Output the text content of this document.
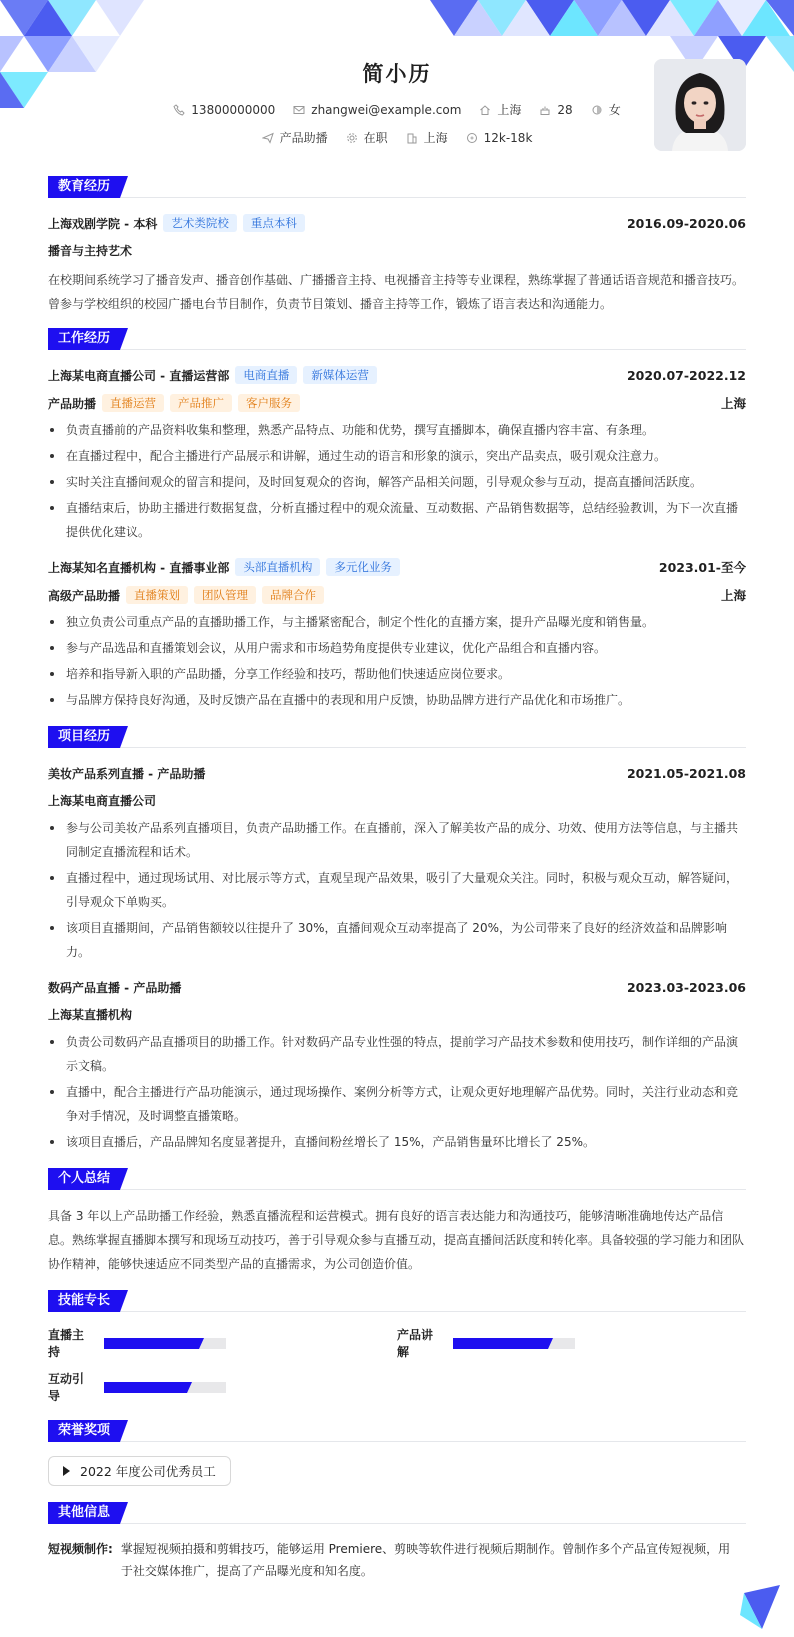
简小历
13800000000	zhangwei@example.com	上海	28	女
产品助播	在职	上海	12k-18k
教育经历
上海戏剧学院 - 本科	艺术类院校	重点本科	2016.09-2020.06
播音与主持艺术

在校期间系统学习了播音发声、播音创作基础、广播播音主持、电视播音主持等专业课程，熟练掌握了普通话语音规范和播音技巧。曾参与学校组织的校园广播电台节目制作，负责节目策划、播音主持等工作，锻炼了语言表达和沟通能力。

工作经历
上海某电商直播公司 - 直播运营部	电商直播	新媒体运营	2020.07-2022.12
产品助播	直播运营	产品推广	客户服务	上海
负责直播前的产品资料收集和整理，熟悉产品特点、功能和优势，撰写直播脚本，确保直播内容丰富、有条理。
在直播过程中，配合主播进行产品展示和讲解，通过生动的语言和形象的演示，突出产品卖点，吸引观众注意力。
实时关注直播间观众的留言和提问，及时回复观众的咨询，解答产品相关问题，引导观众参与互动，提高直播间活跃度。
直播结束后，协助主播进行数据复盘，分析直播过程中的观众流量、互动数据、产品销售数据等，总结经验教训，为下一次直播提供优化建议。
上海某知名直播机构 - 直播事业部	头部直播机构	多元化业务	2023.01-至今
高级产品助播	直播策划	团队管理	品牌合作	上海
独立负责公司重点产品的直播助播工作，与主播紧密配合，制定个性化的直播方案，提升产品曝光度和销售量。
参与产品选品和直播策划会议，从用户需求和市场趋势角度提供专业建议，优化产品组合和直播内容。
培养和指导新入职的产品助播，分享工作经验和技巧，帮助他们快速适应岗位要求。
与品牌方保持良好沟通，及时反馈产品在直播中的表现和用户反馈，协助品牌方进行产品优化和市场推广。
项目经历
美妆产品系列直播 - 产品助播	2021.05-2021.08
上海某电商直播公司
参与公司美妆产品系列直播项目，负责产品助播工作。在直播前，深入了解美妆产品的成分、功效、使用方法等信息，与主播共同制定直播流程和话术。
直播过程中，通过现场试用、对比展示等方式，直观呈现产品效果，吸引了大量观众关注。同时，积极与观众互动，解答疑问，引导观众下单购买。
该项目直播期间，产品销售额较以往提升了 30%，直播间观众互动率提高了 20%，为公司带来了良好的经济效益和品牌影响力。
数码产品直播 - 产品助播	2023.03-2023.06
上海某直播机构
负责公司数码产品直播项目的助播工作。针对数码产品专业性强的特点，提前学习产品技术参数和使用技巧，制作详细的产品演示文稿。
直播中，配合主播进行产品功能演示，通过现场操作、案例分析等方式，让观众更好地理解产品优势。同时，关注行业动态和竞争对手情况，及时调整直播策略。
该项目直播后，产品品牌知名度显著提升，直播间粉丝增长了 15%，产品销售量环比增长了 25%。
个人总结

具备 3 年以上产品助播工作经验，熟悉直播流程和运营模式。拥有良好的语言表达能力和沟通技巧，能够清晰准确地传达产品信息。熟练掌握直播脚本撰写和现场互动技巧，善于引导观众参与直播互动，提高直播间活跃度和转化率。具备较强的学习能力和团队协作精神，能够快速适应不同类型产品的直播需求，为公司创造价值。

技能专长
直播主持
产品讲解
互动引导
荣誉奖项
2022 年度公司优秀员工
其他信息
短视频制作: 掌握短视频拍摄和剪辑技巧，能够运用 Premiere、剪映等软件进行视频后期制作。曾制作多个产品宣传短视频，用于社交媒体推广，提高了产品曝光度和知名度。
